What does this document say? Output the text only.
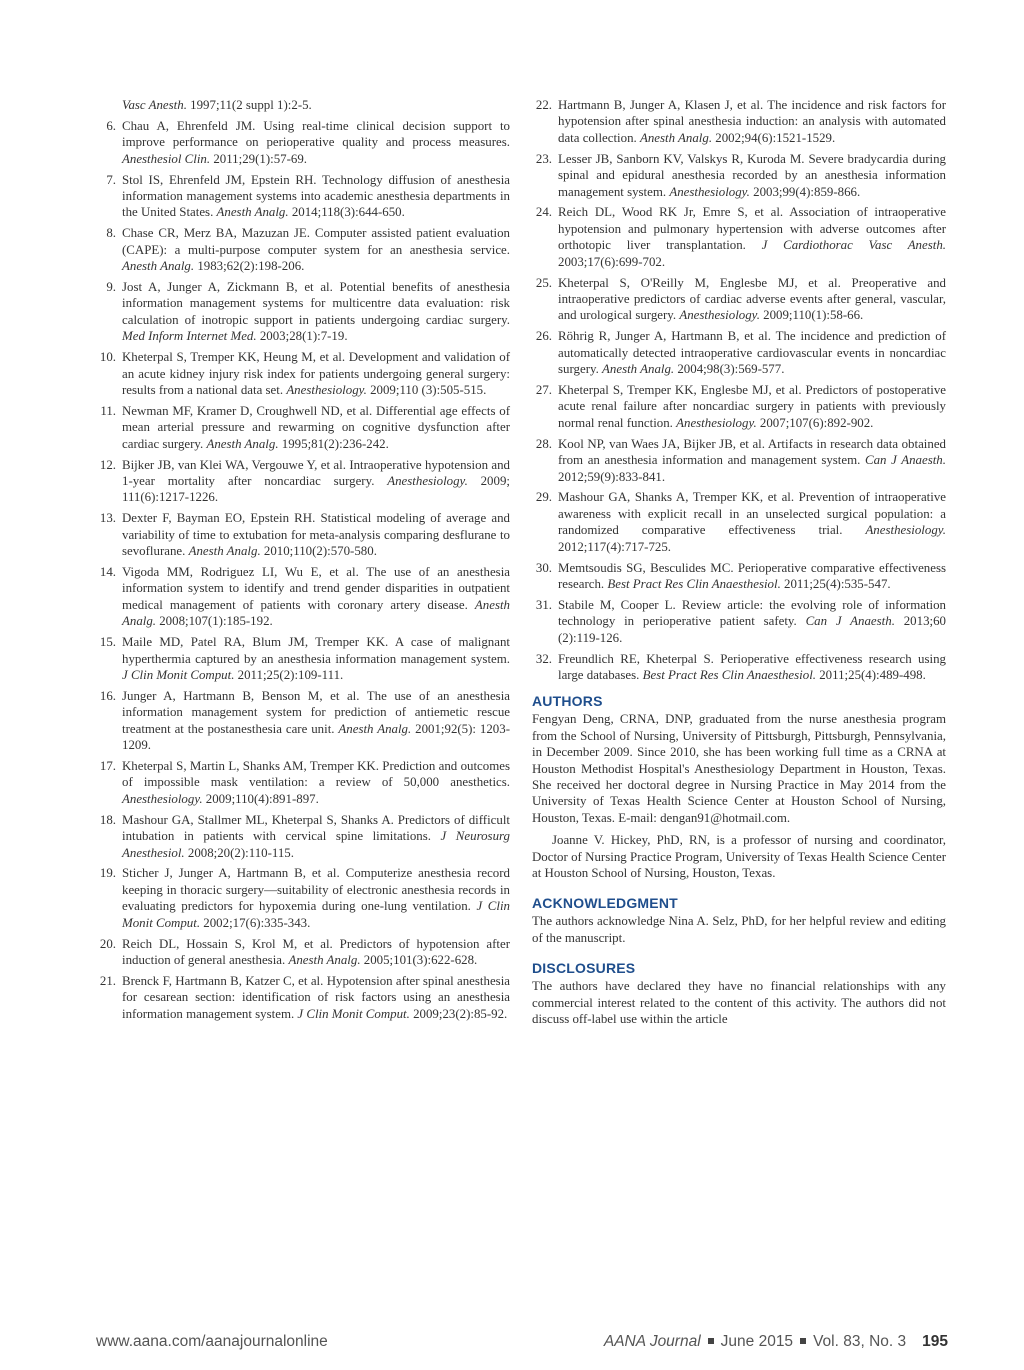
Vasc Anesth. 1997;11(2 suppl 1):2-5.
6. Chau A, Ehrenfeld JM. Using real-time clinical decision support to improve performance on perioperative quality and process measures. Anesthesiol Clin. 2011;29(1):57-69.
7. Stol IS, Ehrenfeld JM, Epstein RH. Technology diffusion of anesthesia information management systems into academic anesthesia departments in the United States. Anesth Analg. 2014;118(3):644-650.
8. Chase CR, Merz BA, Mazuzan JE. Computer assisted patient evaluation (CAPE): a multi-purpose computer system for an anesthesia service. Anesth Analg. 1983;62(2):198-206.
9. Jost A, Junger A, Zickmann B, et al. Potential benefits of anesthesia information management systems for multicentre data evaluation: risk calculation of inotropic support in patients undergoing cardiac surgery. Med Inform Internet Med. 2003;28(1):7-19.
10. Kheterpal S, Tremper KK, Heung M, et al. Development and validation of an acute kidney injury risk index for patients undergoing general surgery: results from a national data set. Anesthesiology. 2009;110 (3):505-515.
11. Newman MF, Kramer D, Croughwell ND, et al. Differential age effects of mean arterial pressure and rewarming on cognitive dysfunction after cardiac surgery. Anesth Analg. 1995;81(2):236-242.
12. Bijker JB, van Klei WA, Vergouwe Y, et al. Intraoperative hypotension and 1-year mortality after noncardiac surgery. Anesthesiology. 2009; 111(6):1217-1226.
13. Dexter F, Bayman EO, Epstein RH. Statistical modeling of average and variability of time to extubation for meta-analysis comparing desflurane to sevoflurane. Anesth Analg. 2010;110(2):570-580.
14. Vigoda MM, Rodriguez LI, Wu E, et al. The use of an anesthesia information system to identify and trend gender disparities in outpatient medical management of patients with coronary artery disease. Anesth Analg. 2008;107(1):185-192.
15. Maile MD, Patel RA, Blum JM, Tremper KK. A case of malignant hyperthermia captured by an anesthesia information management system. J Clin Monit Comput. 2011;25(2):109-111.
16. Junger A, Hartmann B, Benson M, et al. The use of an anesthesia information management system for prediction of antiemetic rescue treatment at the postanesthesia care unit. Anesth Analg. 2001;92(5): 1203-1209.
17. Kheterpal S, Martin L, Shanks AM, Tremper KK. Prediction and outcomes of impossible mask ventilation: a review of 50,000 anesthetics. Anesthesiology. 2009;110(4):891-897.
18. Mashour GA, Stallmer ML, Kheterpal S, Shanks A. Predictors of difficult intubation in patients with cervical spine limitations. J Neurosurg Anesthesiol. 2008;20(2):110-115.
19. Sticher J, Junger A, Hartmann B, et al. Computerize anesthesia record keeping in thoracic surgery—suitability of electronic anesthesia records in evaluating predictors for hypoxemia during one-lung ventilation. J Clin Monit Comput. 2002;17(6):335-343.
20. Reich DL, Hossain S, Krol M, et al. Predictors of hypotension after induction of general anesthesia. Anesth Analg. 2005;101(3):622-628.
21. Brenck F, Hartmann B, Katzer C, et al. Hypotension after spinal anesthesia for cesarean section: identification of risk factors using an anesthesia information management system. J Clin Monit Comput. 2009;23(2):85-92.
22. Hartmann B, Junger A, Klasen J, et al. The incidence and risk factors for hypotension after spinal anesthesia induction: an analysis with automated data collection. Anesth Analg. 2002;94(6):1521-1529.
23. Lesser JB, Sanborn KV, Valskys R, Kuroda M. Severe bradycardia during spinal and epidural anesthesia recorded by an anesthesia information management system. Anesthesiology. 2003;99(4):859-866.
24. Reich DL, Wood RK Jr, Emre S, et al. Association of intraoperative hypotension and pulmonary hypertension with adverse outcomes after orthotopic liver transplantation. J Cardiothorac Vasc Anesth. 2003;17(6):699-702.
25. Kheterpal S, O'Reilly M, Englesbe MJ, et al. Preoperative and intraoperative predictors of cardiac adverse events after general, vascular, and urological surgery. Anesthesiology. 2009;110(1):58-66.
26. Röhrig R, Junger A, Hartmann B, et al. The incidence and prediction of automatically detected intraoperative cardiovascular events in noncardiac surgery. Anesth Analg. 2004;98(3):569-577.
27. Kheterpal S, Tremper KK, Englesbe MJ, et al. Predictors of postoperative acute renal failure after noncardiac surgery in patients with previously normal renal function. Anesthesiology. 2007;107(6):892-902.
28. Kool NP, van Waes JA, Bijker JB, et al. Artifacts in research data obtained from an anesthesia information and management system. Can J Anaesth. 2012;59(9):833-841.
29. Mashour GA, Shanks A, Tremper KK, et al. Prevention of intraoperative awareness with explicit recall in an unselected surgical population: a randomized comparative effectiveness trial. Anesthesiology. 2012;117(4):717-725.
30. Memtsoudis SG, Besculides MC. Perioperative comparative effectiveness research. Best Pract Res Clin Anaesthesiol. 2011;25(4):535-547.
31. Stabile M, Cooper L. Review article: the evolving role of information technology in perioperative patient safety. Can J Anaesth. 2013;60 (2):119-126.
32. Freundlich RE, Kheterpal S. Perioperative effectiveness research using large databases. Best Pract Res Clin Anaesthesiol. 2011;25(4):489-498.
AUTHORS

Fengyan Deng, CRNA, DNP, graduated from the nurse anesthesia program from the School of Nursing, University of Pittsburgh, Pittsburgh, Pennsylvania, in December 2009. Since 2010, she has been working full time as a CRNA at Houston Methodist Hospital's Anesthesiology Department in Houston, Texas. She received her doctoral degree in Nursing Practice in May 2014 from the University of Texas Health Science Center at Houston School of Nursing, Houston, Texas. E-mail: dengan91@hotmail.com.

Joanne V. Hickey, PhD, RN, is a professor of nursing and coordinator, Doctor of Nursing Practice Program, University of Texas Health Science Center at Houston School of Nursing, Houston, Texas.

ACKNOWLEDGMENT

The authors acknowledge Nina A. Selz, PhD, for her helpful review and editing of the manuscript.

DISCLOSURES

The authors have declared they have no financial relationships with any commercial interest related to the content of this activity. The authors did not discuss off-label use within the article

www.aana.com/aanajournalonline	AANA Journal June 2015 Vol. 83, No. 3 195
